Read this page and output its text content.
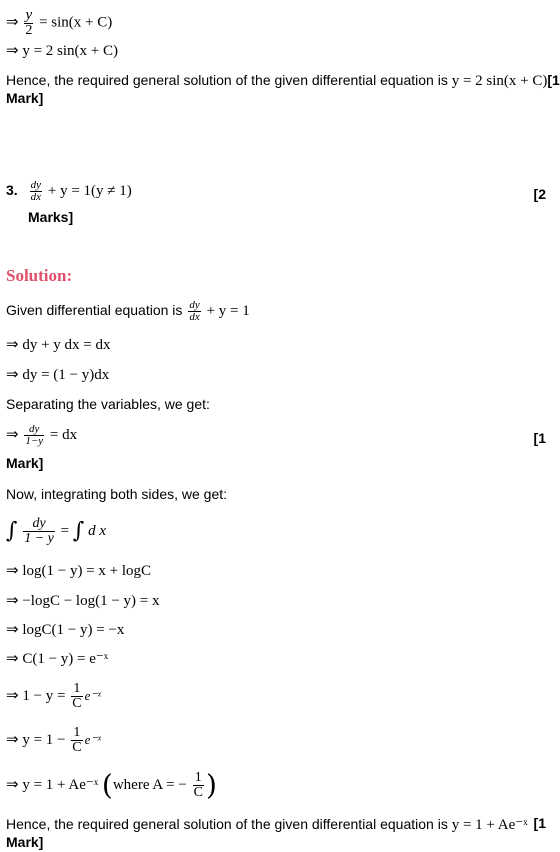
⇒ $\frac{y}{2} = \sin(x + C)$
⇒ y = 2 sin(x + C)
Hence, the required general solution of the given differential equation is y = 2 sin(x + C)[1
Mark]
3. $\frac{dy}{dx} + y = 1(y \ne 1)$	[2
Marks]
Solution:
Given differential equation is $\frac{dy}{dx} + y = 1$
⇒ dy + y dx = dx
⇒ dy = (1 − y)dx
Separating the variables, we get:
⇒ $\frac{dy}{1-y}$ = dx	[1
Mark]
Now, integrating both sides, we get:
∫ $\frac{dy}{1 - y}$ = ∫ d x
⇒ log(1 − y) = x + logC
⇒ −logC − log(1 − y) = x
⇒ logC(1 − y) = −x
⇒ C(1 − y) = e⁻ˣ
⇒ $1 - y = \frac{1}{C}$ e⁻ˣ
⇒ $y = 1 - \frac{1}{C}$ e⁻ˣ
⇒ y = 1 + Ae⁻ˣ (where A = − $\frac{1}{C}$ )
Hence, the required general solution of the given differential equation is y = 1 + Ae⁻ˣ [1
Mark]
